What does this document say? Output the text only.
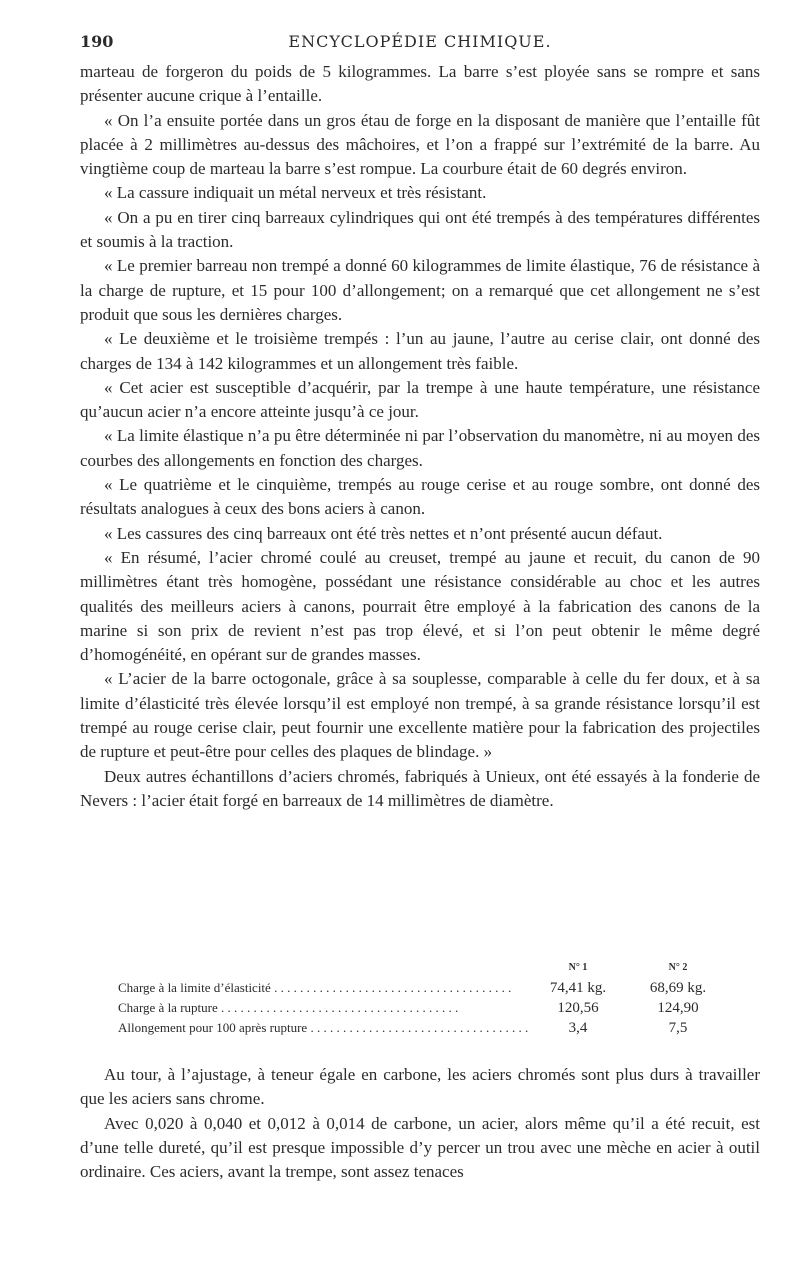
190	ENCYCLOPÉDIE CHIMIQUE.

marteau de forgeron du poids de 5 kilogrammes. La barre s’est ployée sans se rompre et sans présenter aucune crique à l’entaille.

« On l’a ensuite portée dans un gros étau de forge en la disposant de manière que l’entaille fût placée à 2 millimètres au-dessus des mâchoires, et l’on a frappé sur l’extrémité de la barre. Au vingtième coup de marteau la barre s’est rompue. La courbure était de 60 degrés environ.

« La cassure indiquait un métal nerveux et très résistant.

« On a pu en tirer cinq barreaux cylindriques qui ont été trempés à des températures différentes et soumis à la traction.

« Le premier barreau non trempé a donné 60 kilogrammes de limite élastique, 76 de résistance à la charge de rupture, et 15 pour 100 d’allongement; on a remarqué que cet allongement ne s’est produit que sous les dernières charges.

« Le deuxième et le troisième trempés : l’un au jaune, l’autre au cerise clair, ont donné des charges de 134 à 142 kilogrammes et un allongement très faible.

« Cet acier est susceptible d’acquérir, par la trempe à une haute température, une résistance qu’aucun acier n’a encore atteinte jusqu’à ce jour.

« La limite élastique n’a pu être déterminée ni par l’observation du manomètre, ni au moyen des courbes des allongements en fonction des charges.

« Le quatrième et le cinquième, trempés au rouge cerise et au rouge sombre, ont donné des résultats analogues à ceux des bons aciers à canon.

« Les cassures des cinq barreaux ont été très nettes et n’ont présenté aucun défaut.

« En résumé, l’acier chromé coulé au creuset, trempé au jaune et recuit, du canon de 90 millimètres étant très homogène, possédant une résistance considérable au choc et les autres qualités des meilleurs aciers à canons, pourrait être employé à la fabrication des canons de la marine si son prix de revient n’est pas trop élevé, et si l’on peut obtenir le même degré d’homogénéité, en opérant sur de grandes masses.

« L’acier de la barre octogonale, grâce à sa souplesse, comparable à celle du fer doux, et à sa limite d’élasticité très élevée lorsqu’il est employé non trempé, à sa grande résistance lorsqu’il est trempé au rouge cerise clair, peut fournir une excellente matière pour la fabrication des projectiles de rupture et peut-être pour celles des plaques de blindage. »

Deux autres échantillons d’aciers chromés, fabriqués à Unieux, ont été essayés à la fonderie de Nevers : l’acier était forgé en barreaux de 14 millimètres de diamètre.

N° 1	N° 2
Charge à la limite d’élasticité . . .	74,41 kg.	68,69 kg.
Charge à la rupture . . .	120,56	124,90
Allongement pour 100 après rupture . . .	3,4	7,5

Au tour, à l’ajustage, à teneur égale en carbone, les aciers chromés sont plus durs à travailler que les aciers sans chrome.

Avec 0,020 à 0,040 et 0,012 à 0,014 de carbone, un acier, alors même qu’il a été recuit, est d’une telle dureté, qu’il est presque impossible d’y percer un trou avec une mèche en acier à outil ordinaire. Ces aciers, avant la trempe, sont assez tenaces
